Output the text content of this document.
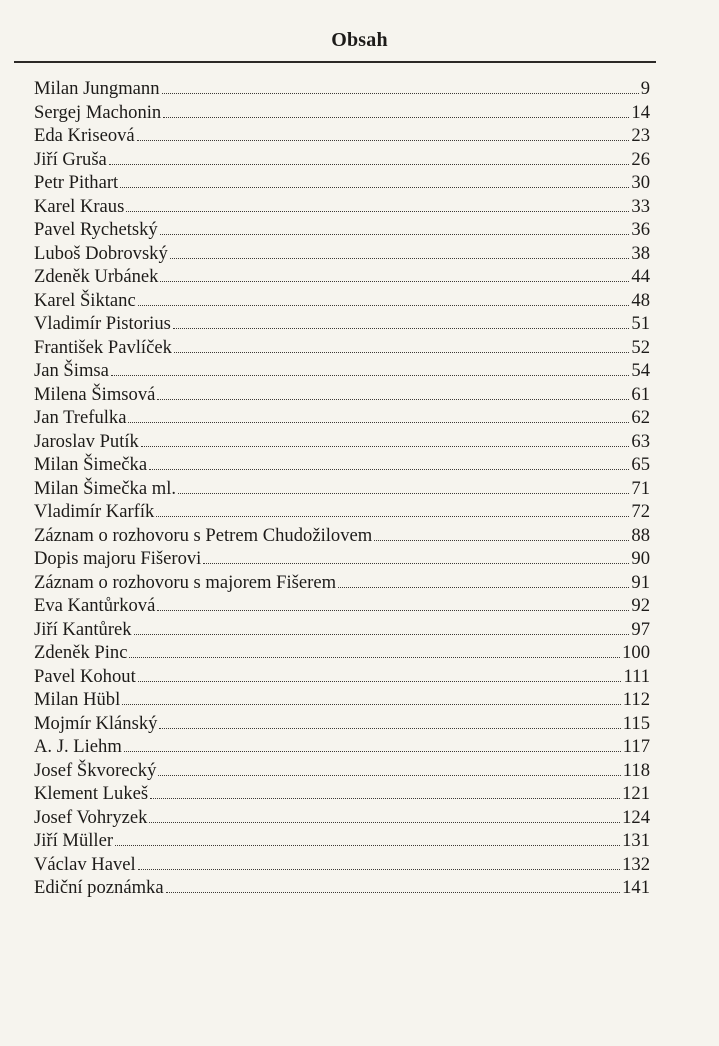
Obsah
Milan Jungmann	9
Sergej Machonin	14
Eda Kriseová	23
Jiří Gruša	26
Petr Pithart	30
Karel Kraus	33
Pavel Rychetský	36
Luboš Dobrovský	38
Zdeněk Urbánek	44
Karel Šiktanc	48
Vladimír Pistorius	51
František Pavlíček	52
Jan Šimsa	54
Milena Šimsová	61
Jan Trefulka	62
Jaroslav Putík	63
Milan Šimečka	65
Milan Šimečka ml.	71
Vladimír Karfík	72
Záznam o rozhovoru s Petrem Chudožilovem	88
Dopis majoru Fišerovi	90
Záznam o rozhovoru s majorem Fišerem	91
Eva Kantůrková	92
Jiří Kantůrek	97
Zdeněk Pinc	100
Pavel Kohout	111
Milan Hübl	112
Mojmír Klánský	115
A. J. Liehm	117
Josef Škvorecký	118
Klement Lukeš	121
Josef Vohryzek	124
Jiří Müller	131
Václav Havel	132
Ediční poznámka	141
